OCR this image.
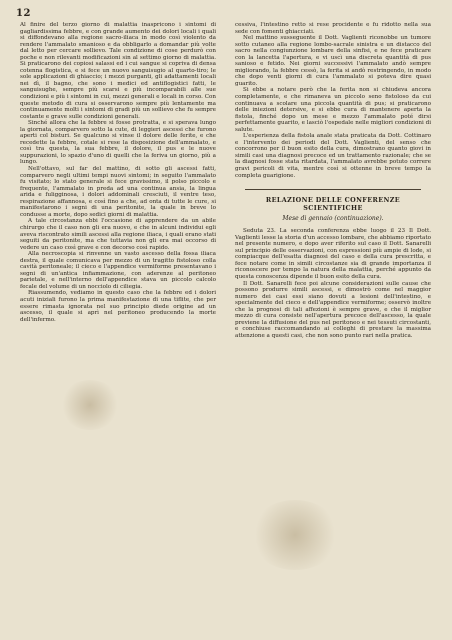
12

Al finire del terzo giorno di malattia inaspricono i sintomi di gagliardissima febbre, e con grande aumento dei dolori locali i quali si diffondevano alla regione sacro-iliaca in modo così violento da rendere l'ammalato smanioso e da obbligarlo a domandar più volte dal letto per cercare sollievo. Tale condizione di cose perdurò con poche e non rilevanti modificazioni sin al settimo giorno di malattia. Si praticarono dei copiosi salassi ed i cui sangue si copriva di densa cotenna flogistica, e si fece un nuovo sanguisugio al quarto-tiro; le sole applicazioni di ghiaccio; i mezzi purganti, gli adattamenti locali nei dì, il bagno, che sono i medici ed antiflogistici fatti, le sanguisughe, sempre più scarsi e più incomparabili alle sue condizioni e più i sintomi in cui, mezzi generali e locali in corso. Con queste metodo di cura si osservarono sempre più lentamente ma continuamente molti i sintomi di gradi più un sollievo che fu sempre costante e grave sulle condizioni generali.

Sinché allora che la febbre si fosse protratta, e si sperava lungo la giornata, comparvero sotto la cute, di leggieri ascessi che furono aperti col bisturi. Se qualcuno si vinse il dolore delle ferite, e che recedette la febbre, cotale si rese la disposizione dell'ammalato, e così tra questa, la sua febbre, il dolore, il pus e le nuove suppurazioni, lo spazio d'uno di quelli che la feriva un giorno, più a lungo.

Nell'ottavo, sul far del mattino, di sotto gli ascessi fatti, comparvero negli ultimi tempi nuovi sintomi; in seguito l'ammalato fu visitato; lo stato generale si fece gravissimo, il polso piccolo e frequente, l'ammalato in preda ad una continua ansia, la lingua arida e fuligginosa, i dolori addominali cresciuti, il ventre teso, respirazione affannosa, e così fino a che, ad onta di tutte le cure, si manifestarono i segni di una peritonite, la quale in breve lo condusse a morte, dopo sedici giorni di malattia.

A tale circostanza ebbi l'occasione di apprendere da un abile chirurgo che il caso non gli era nuovo, e che in alcuni individui egli aveva riscontrato simili ascessi alla regione iliaca, i quali erano stati seguiti da peritonite, ma che tuttavia non gli era mai occorso di vedere un caso così grave e con decorso così rapido.

Alla necroscopia si rinvenne un vasto ascesso della fossa iliaca destra, il quale comunicava per mezzo di un tragitto fistoloso colla cavità peritoneale; il cieco e l'appendice vermiforme presentavano i segni di un'antica infiammazione, con aderenze al peritoneo parietale, e nell'interno dell'appendice stava un piccolo calcolo fecale del volume di un nocciolo di ciliegia.

Riassumendo, vediamo in questo caso che la febbre ed i dolori acuti iniziali furono la prima manifestazione di una tiflite, che per essere rimasta ignorata nel suo principio diede origine ad un ascesso, il quale si aprì nel peritoneo producendo la morte dell'infermo.

cessiva, l'intestino retto si rese procidente e fu ridotto nella sua sede con fomenti ghiacciati.

Nel mattino susseguente il Dott. Vaglienti riconobbe un tumore sotto cutaneo alla regione lombo-sacrale sinistra e un distacco del sacro nella congiunzione lombare della sinfisi, e ne fece praticare con la lancetta l'apertura, e vi uscì una discreta quantità di pus sanioso e fetido. Nei giorni successivi l'ammalato andò sempre migliorando, la febbre cessò, la ferita si andò restringendo, in modo che dopo venti giorni di cura l'ammalato si poteva dire quasi guarito.

Si ebbe a notare però che la ferita non si chiudeva ancora completamente, e che rimaneva un piccolo seno fistoloso da cui continuava a scolare una piccola quantità di pus; si praticarono delle iniezioni detersive, e si ebbe cura di mantenere aperta la fistola, finché dopo un mese e mezzo l'ammalato poté dirsi perfettamente guarito, e lasciò l'ospedale nelle migliori condizioni di salute.

L'esperienza della fistola anale stata praticata da Dott. Cottinaro e l'intervento dei periodi del Dott. Vaglienti, del senso che concorrono per il buon esito della cura, dimostrano quanto giovi in simili casi una diagnosi precoce ed un trattamento razionale; che se la diagnosi fosse stata ritardata, l'ammalato avrebbe potuto correre gravi pericoli di vita, mentre così si ottenne in breve tempo la completa guarigione.

RELAZIONE DELLE CONFERENZE SCIENTIFICHE
Mese di gennaio (continuazione).

Seduta 23. La seconda conferenza ebbe luogo il 23 Il Dott. Vaglienti lesse la storia d'un accesso lombare, che abbiamo riportato nel presente numero, e dopo aver riferito sul caso il Dott. Sanarelli sul principio delle osservazioni, con espressioni più ampie di lode, si compiacque dell'esatta diagnosi del caso e della cura prescritta, e fece notare come in simili circostanze sia di grande importanza il riconoscere per tempo la natura della malattia, perché appunto da questa conoscenza dipende il buon esito della cura.

Il Dott. Sanarelli fece poi alcune considerazioni sulle cause che possono produrre simili ascessi, e dimostrò come nel maggior numero dei casi essi siano dovuti a lesioni dell'intestino, e specialmente del cieco e dell'appendice vermiforme; osservò inoltre che la prognosi di tali affezioni è sempre grave, e che il miglior mezzo di cura consiste nell'apertura precoce dell'ascesso, la quale previene la diffusione del pus nel peritoneo e nei tessuti circostanti, e conchiuse raccomandando ai colleghi di prestare la massima attenzione a questi casi, che non sono punto rari nella pratica.
